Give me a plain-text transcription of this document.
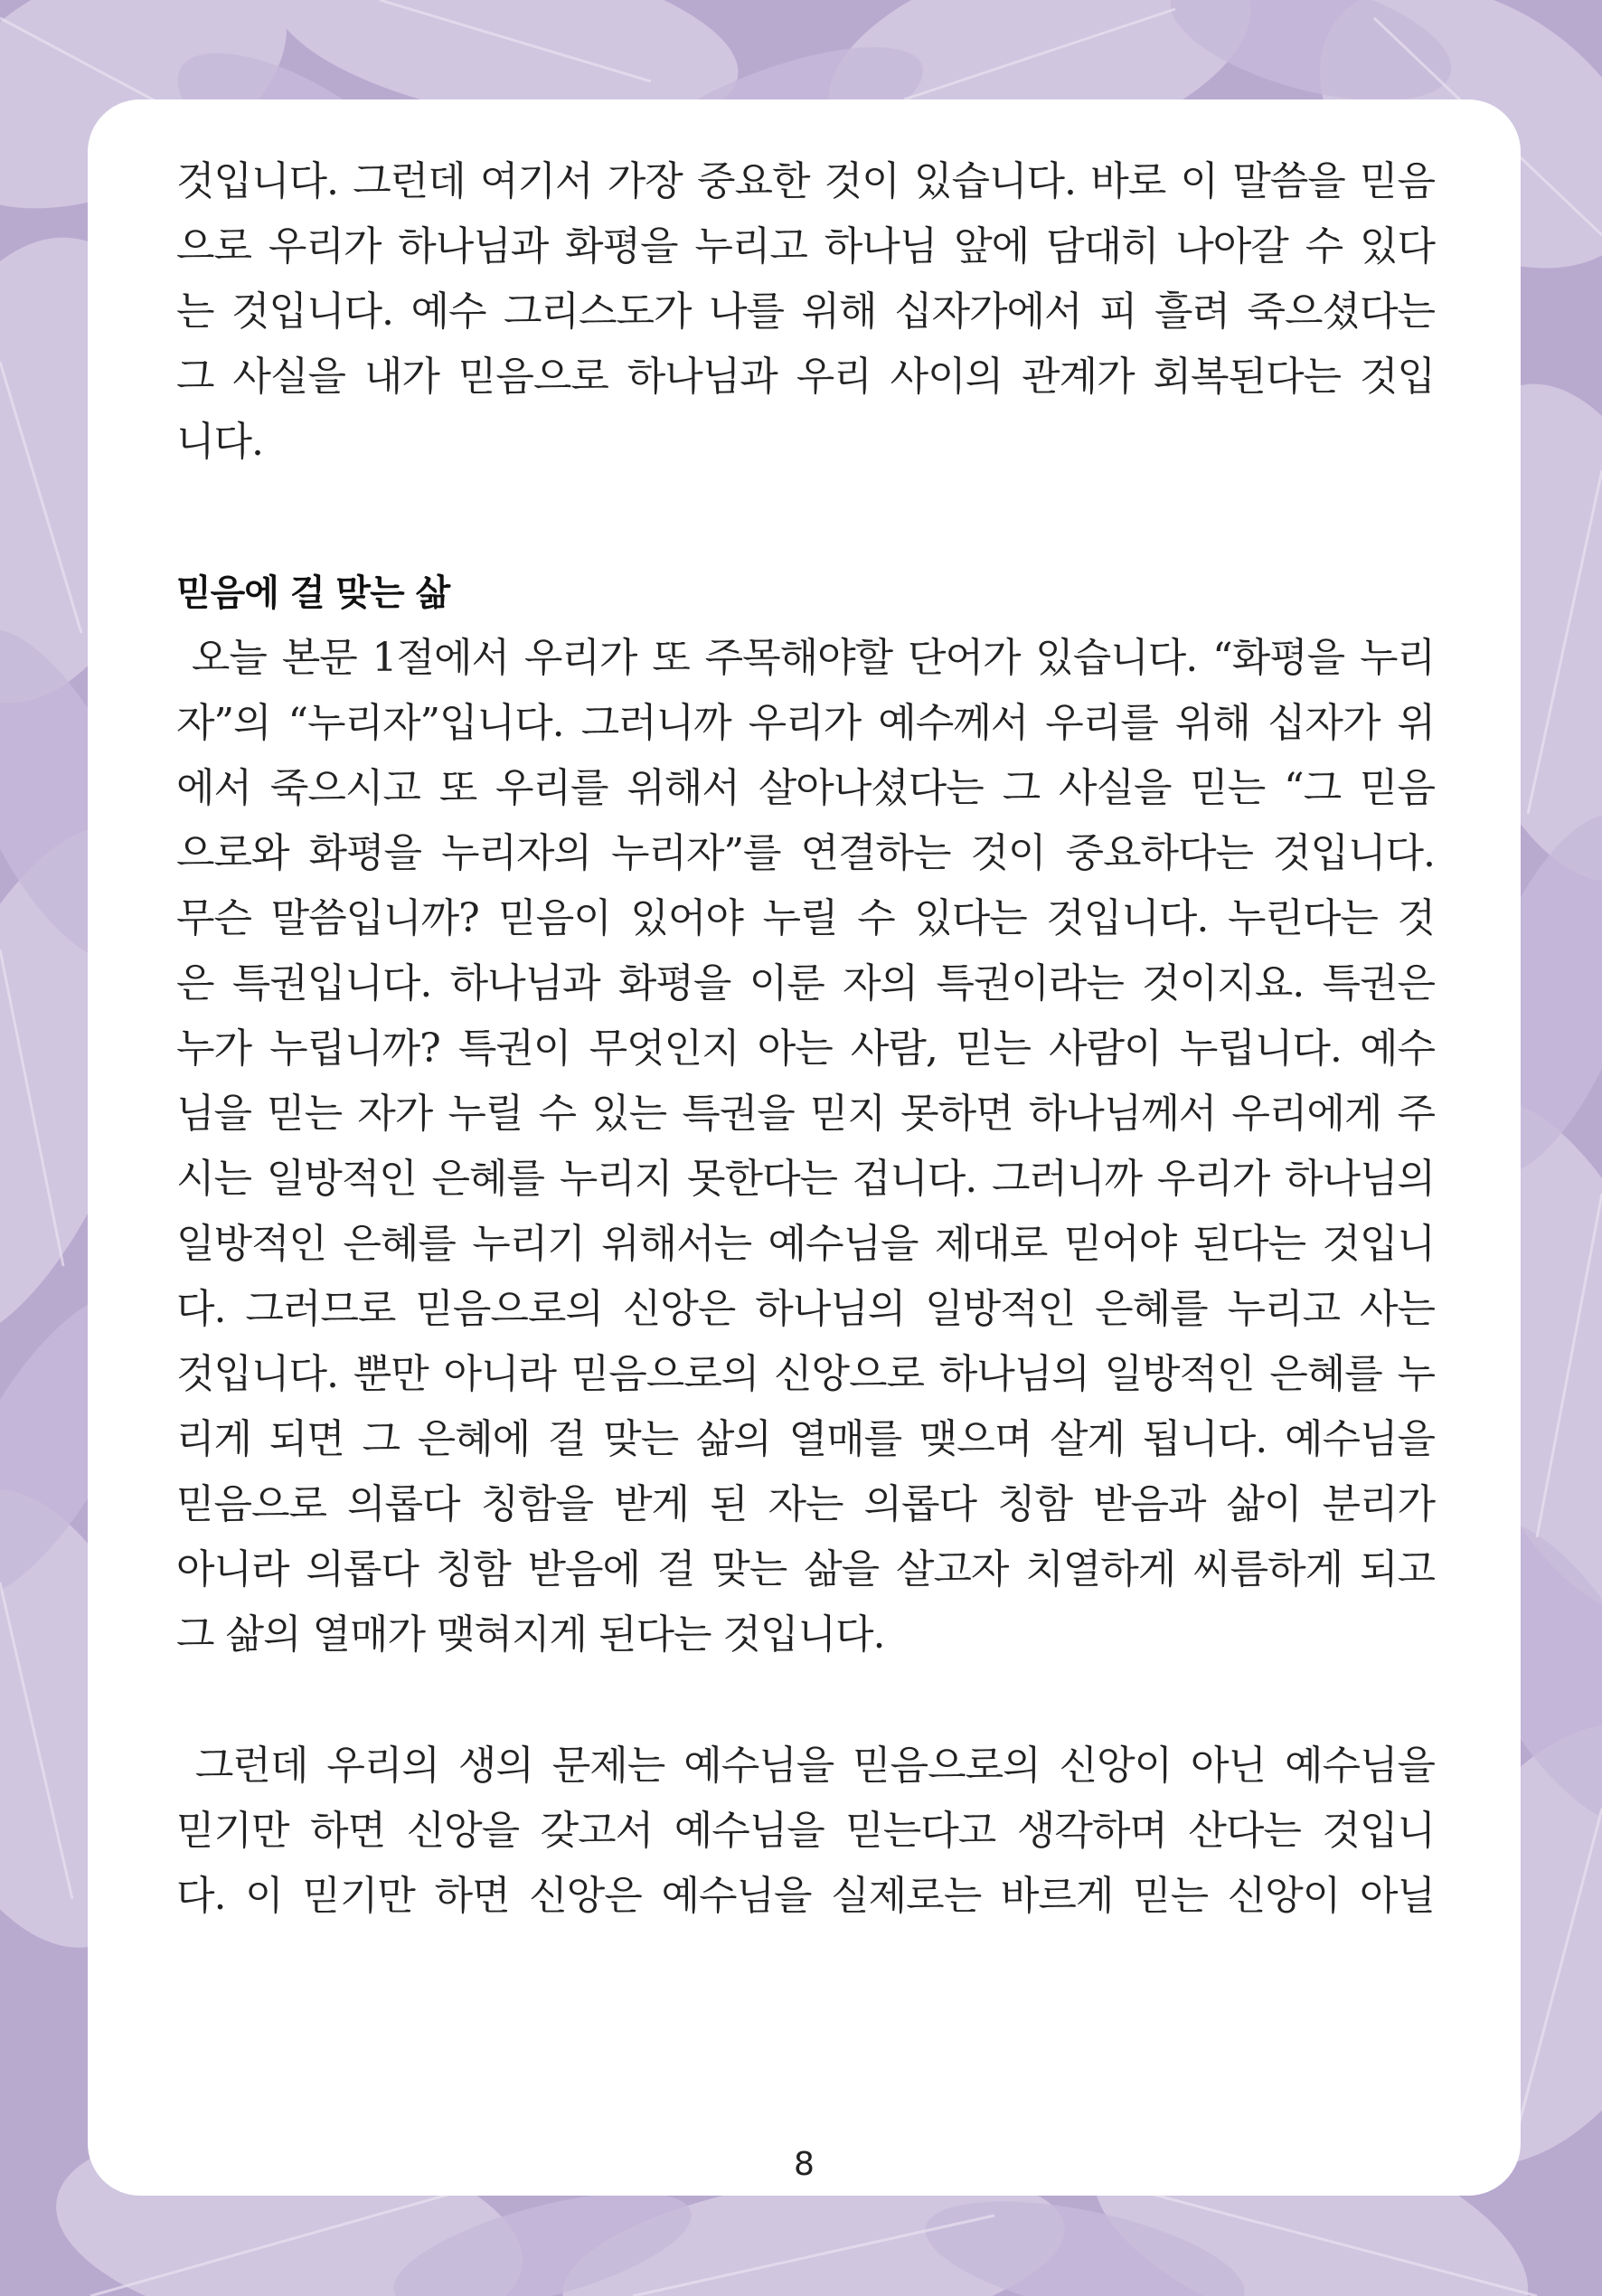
것입니다. 그런데 여기서 가장 중요한 것이 있습니다. 바로 이 말씀을 믿음
으로 우리가 하나님과 화평을 누리고 하나님 앞에 담대히 나아갈 수 있다
는 것입니다. 예수 그리스도가 나를 위해 십자가에서 피 흘려 죽으셨다는
그 사실을 내가 믿음으로 하나님과 우리 사이의 관계가 회복된다는 것입
니다.
믿음에 걸 맞는 삶
오늘 본문 1절에서 우리가 또 주목해야할 단어가 있습니다. “화평을 누리
자”의 “누리자”입니다. 그러니까 우리가 예수께서 우리를 위해 십자가 위
에서 죽으시고 또 우리를 위해서 살아나셨다는 그 사실을 믿는 “그 믿음
으로와 화평을 누리자의 누리자”를 연결하는 것이 중요하다는 것입니다.
무슨 말씀입니까? 믿음이 있어야 누릴 수 있다는 것입니다. 누린다는 것
은 특권입니다. 하나님과 화평을 이룬 자의 특권이라는 것이지요. 특권은
누가 누립니까? 특권이 무엇인지 아는 사람, 믿는 사람이 누립니다. 예수
님을 믿는 자가 누릴 수 있는 특권을 믿지 못하면 하나님께서 우리에게 주
시는 일방적인 은혜를 누리지 못한다는 겁니다. 그러니까 우리가 하나님의
일방적인 은혜를 누리기 위해서는 예수님을 제대로 믿어야 된다는 것입니
다. 그러므로 믿음으로의 신앙은 하나님의 일방적인 은혜를 누리고 사는
것입니다. 뿐만 아니라 믿음으로의 신앙으로 하나님의 일방적인 은혜를 누
리게 되면 그 은혜에 걸 맞는 삶의 열매를 맺으며 살게 됩니다. 예수님을
믿음으로 의롭다 칭함을 받게 된 자는 의롭다 칭함 받음과 삶이 분리가
아니라 의롭다 칭함 받음에 걸 맞는 삶을 살고자 치열하게 씨름하게 되고
그 삶의 열매가 맺혀지게 된다는 것입니다.
그런데 우리의 생의 문제는 예수님을 믿음으로의 신앙이 아닌 예수님을
믿기만 하면 신앙을 갖고서 예수님을 믿는다고 생각하며 산다는 것입니
다. 이 믿기만 하면 신앙은 예수님을 실제로는 바르게 믿는 신앙이 아닐
8
